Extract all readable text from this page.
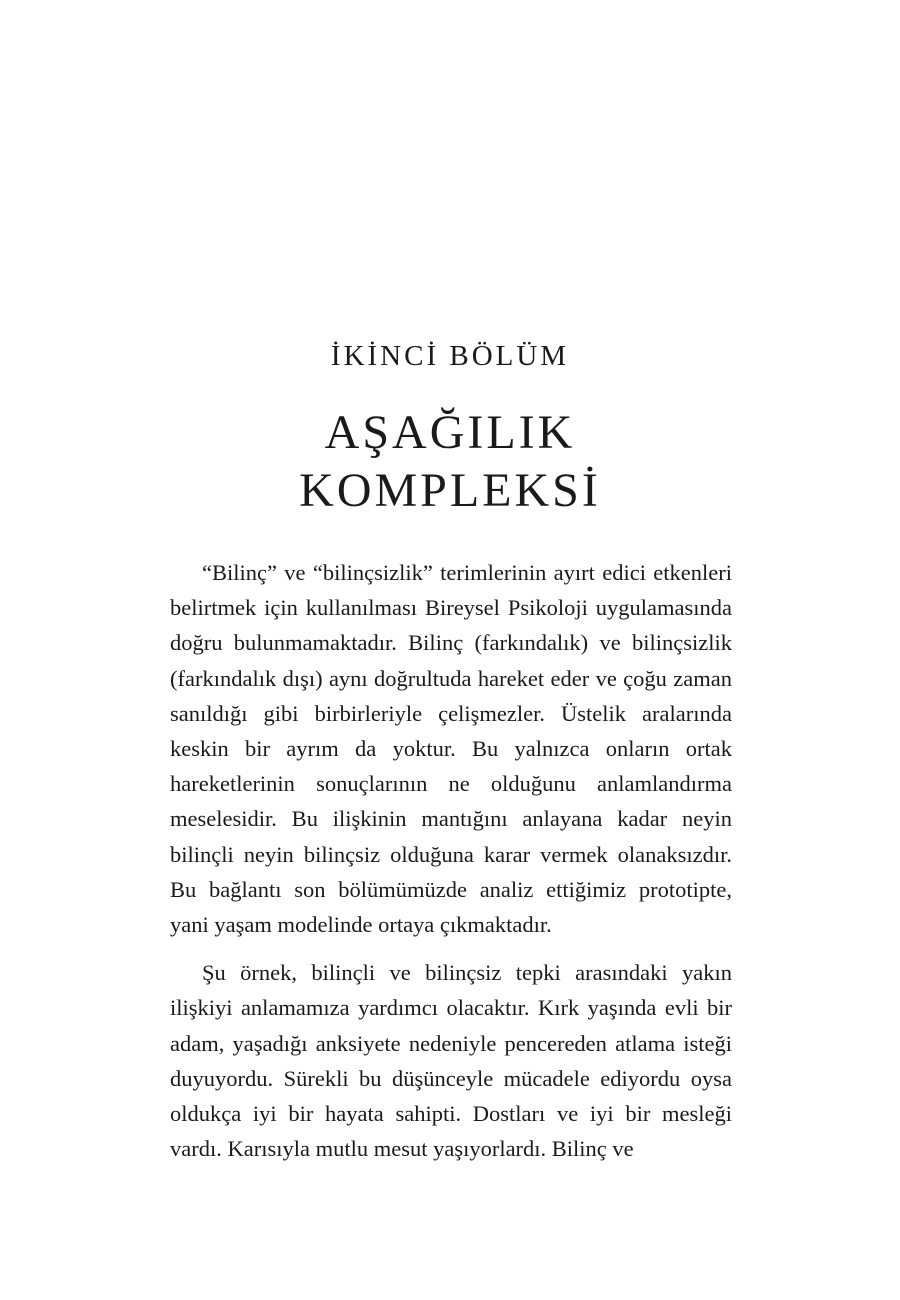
İKİNCİ BÖLÜM
AŞAĞILIK
KOMPLEKSİ

“Bilinç” ve “bilinçsizlik” terimlerinin ayırt edici etkenleri belirtmek için kullanılması Bireysel Psikoloji uygulamasında doğru bulunmamaktadır. Bilinç (farkındalık) ve bilinçsizlik (farkındalık dışı) aynı doğrultuda hareket eder ve çoğu zaman sanıldığı gibi birbirleriyle çelişmezler. Üstelik aralarında keskin bir ayrım da yoktur. Bu yalnızca onların ortak hareketlerinin sonuçlarının ne olduğunu anlamlandırma meselesidir. Bu ilişkinin mantığını anlayana kadar neyin bilinçli neyin bilinçsiz olduğuna karar vermek olanaksızdır. Bu bağlantı son bölümümüzde analiz ettiğimiz prototipte, yani yaşam modelinde ortaya çıkmaktadır.

Şu örnek, bilinçli ve bilinçsiz tepki arasındaki yakın ilişkiyi anlamamıza yardımcı olacaktır. Kırk yaşında evli bir adam, yaşadığı anksiyete nedeniyle pencereden atlama isteği duyuyordu. Sürekli bu düşünceyle mücadele ediyordu oysa oldukça iyi bir hayata sahipti. Dostları ve iyi bir mesleği vardı. Karısıyla mutlu mesut yaşıyorlardı. Bilinç ve
